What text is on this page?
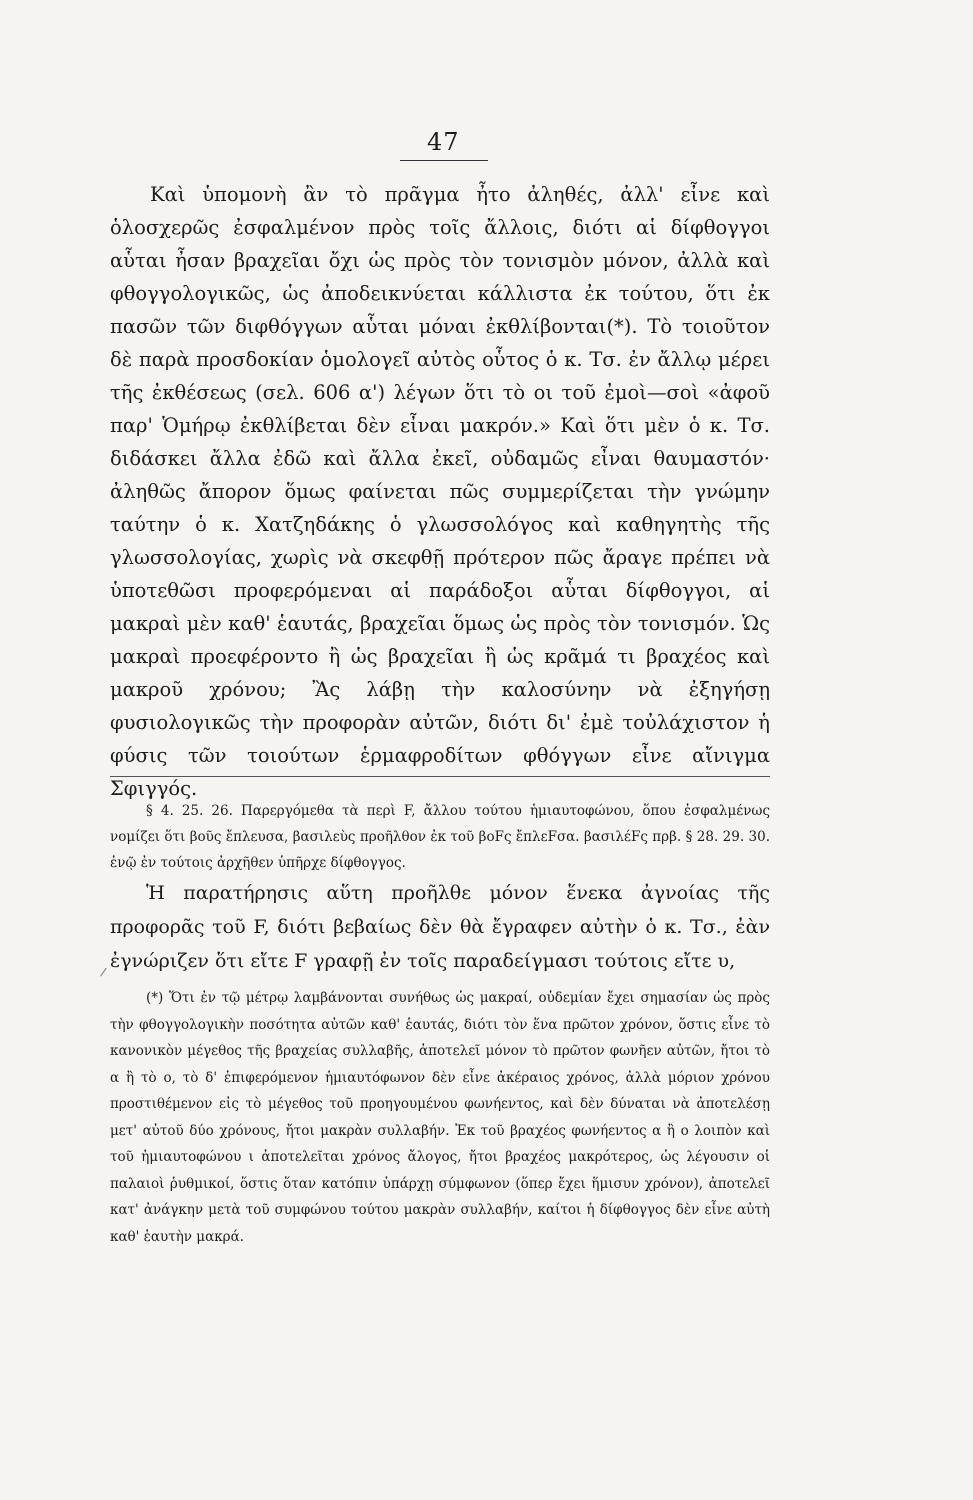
47

Καὶ ὑπομονὴ ἂν τὸ πρᾶγμα ἦτο ἀληθές, ἀλλ' εἶνε καὶ ὁλοσχερῶς ἐσφαλμένον πρὸς τοῖς ἄλλοις, διότι αἱ δίφθογγοι αὗται ἦσαν βραχεῖαι ὄχι ὡς πρὸς τὸν τονισμὸν μόνον, ἀλλὰ καὶ φθογγολογικῶς, ὡς ἀποδεικνύεται κάλλιστα ἐκ τούτου, ὅτι ἐκ πασῶν τῶν διφθόγγων αὗται μόναι ἐκθλίβονται(*). Τὸ τοιοῦτον δὲ παρὰ προσδοκίαν ὁμολογεῖ αὐτὸς οὗτος ὁ κ. Τσ. ἐν ἄλλῳ μέρει τῆς ἐκθέσεως (σελ. 606 α') λέγων ὅτι τὸ οι τοῦ ἐμοὶ—σοὶ «ἀφοῦ παρ' Ὁμήρῳ ἐκθλίβεται δὲν εἶναι μακρόν.» Καὶ ὅτι μὲν ὁ κ. Τσ. διδάσκει ἄλλα ἐδῶ καὶ ἄλλα ἐκεῖ, οὐδαμῶς εἶναι θαυμαστόν· ἀληθῶς ἄπορον ὅμως φαίνεται πῶς συμμερίζεται τὴν γνώμην ταύτην ὁ κ. Χατζηδάκης ὁ γλωσσολόγος καὶ καθηγητὴς τῆς γλωσσολογίας, χωρὶς νὰ σκεφθῇ πρότερον πῶς ἄραγε πρέπει νὰ ὑποτεθῶσι προφερόμεναι αἱ παράδοξοι αὗται δίφθογγοι, αἱ μακραὶ μὲν καθ' ἑαυτάς, βραχεῖαι ὅμως ὡς πρὸς τὸν τονισμόν. Ὡς μακραὶ προεφέροντο ἢ ὡς βραχεῖαι ἢ ὡς κρᾶμά τι βραχέος καὶ μακροῦ χρόνου; Ἂς λάβῃ τὴν καλοσύνην νὰ ἐξηγήσῃ φυσιολογικῶς τὴν προφορὰν αὐτῶν, διότι δι' ἐμὲ τοὐλάχιστον ἡ φύσις τῶν τοιούτων ἑρμαφροδίτων φθόγγων εἶνε αἴνιγμα Σφιγγός.

§ 4. 25. 26. Παρεργόμεθα τὰ περὶ F, ἄλλου τούτου ἡμιαυτοφώνου, ὅπου ἐσφαλμένως νομίζει ὅτι βοῦς ἔπλευσα, βασιλεὺς προῆλθον ἐκ τοῦ βοFς ἔπλεFσα. βασιλέFς πρβ. § 28. 29. 30. ἐνῷ ἐν τούτοις ἀρχῆθεν ὑπῆρχε δίφθογγος.

Ἡ παρατήρησις αὕτη προῆλθε μόνον ἕνεκα ἀγνοίας τῆς προφορᾶς τοῦ F, διότι βεβαίως δὲν θὰ ἔγραφεν αὐτὴν ὁ κ. Τσ., ἐὰν ἐγνώριζεν ὅτι εἴτε F γραφῇ ἐν τοῖς παραδείγμασι τούτοις εἴτε υ,

(*) Ὅτι ἐν τῷ μέτρῳ λαμβάνονται συνήθως ὡς μακραί, οὐδεμίαν ἔχει σημασίαν ὡς πρὸς τὴν φθογγολογικὴν ποσότητα αὐτῶν καθ' ἑαυτάς, διότι τὸν ἕνα πρῶτον χρόνον, ὅστις εἶνε τὸ κανονικὸν μέγεθος τῆς βραχείας συλλαβῆς, ἀποτελεῖ μόνον τὸ πρῶτον φωνῆεν αὐτῶν, ἤτοι τὸ α ἢ τὸ ο, τὸ δ' ἐπιφερόμενον ἡμιαυτόφωνον δὲν εἶνε ἀκέραιος χρόνος, ἀλλὰ μόριον χρόνου προστιθέμενον εἰς τὸ μέγεθος τοῦ προηγουμένου φωνήεντος, καὶ δὲν δύναται νὰ ἀποτελέσῃ μετ' αὐτοῦ δύο χρόνους, ἤτοι μακρὰν συλλαβήν. Ἐκ τοῦ βραχέος φωνήεντος α ἢ ο λοιπὸν καὶ τοῦ ἡμιαυτοφώνου ι ἀποτελεῖται χρόνος ἄλογος, ἤτοι βραχέος μακρότερος, ὡς λέγουσιν οἱ παλαιοὶ ῥυθμικοί, ὅστις ὅταν κατόπιν ὑπάρχῃ σύμφωνον (ὅπερ ἔχει ἥμισυν χρόνον), ἀποτελεῖ κατ' ἀνάγκην μετὰ τοῦ συμφώνου τούτου μακρὰν συλλαβήν, καίτοι ἡ δίφθογγος δὲν εἶνε αὐτὴ καθ' ἑαυτὴν μακρά.
